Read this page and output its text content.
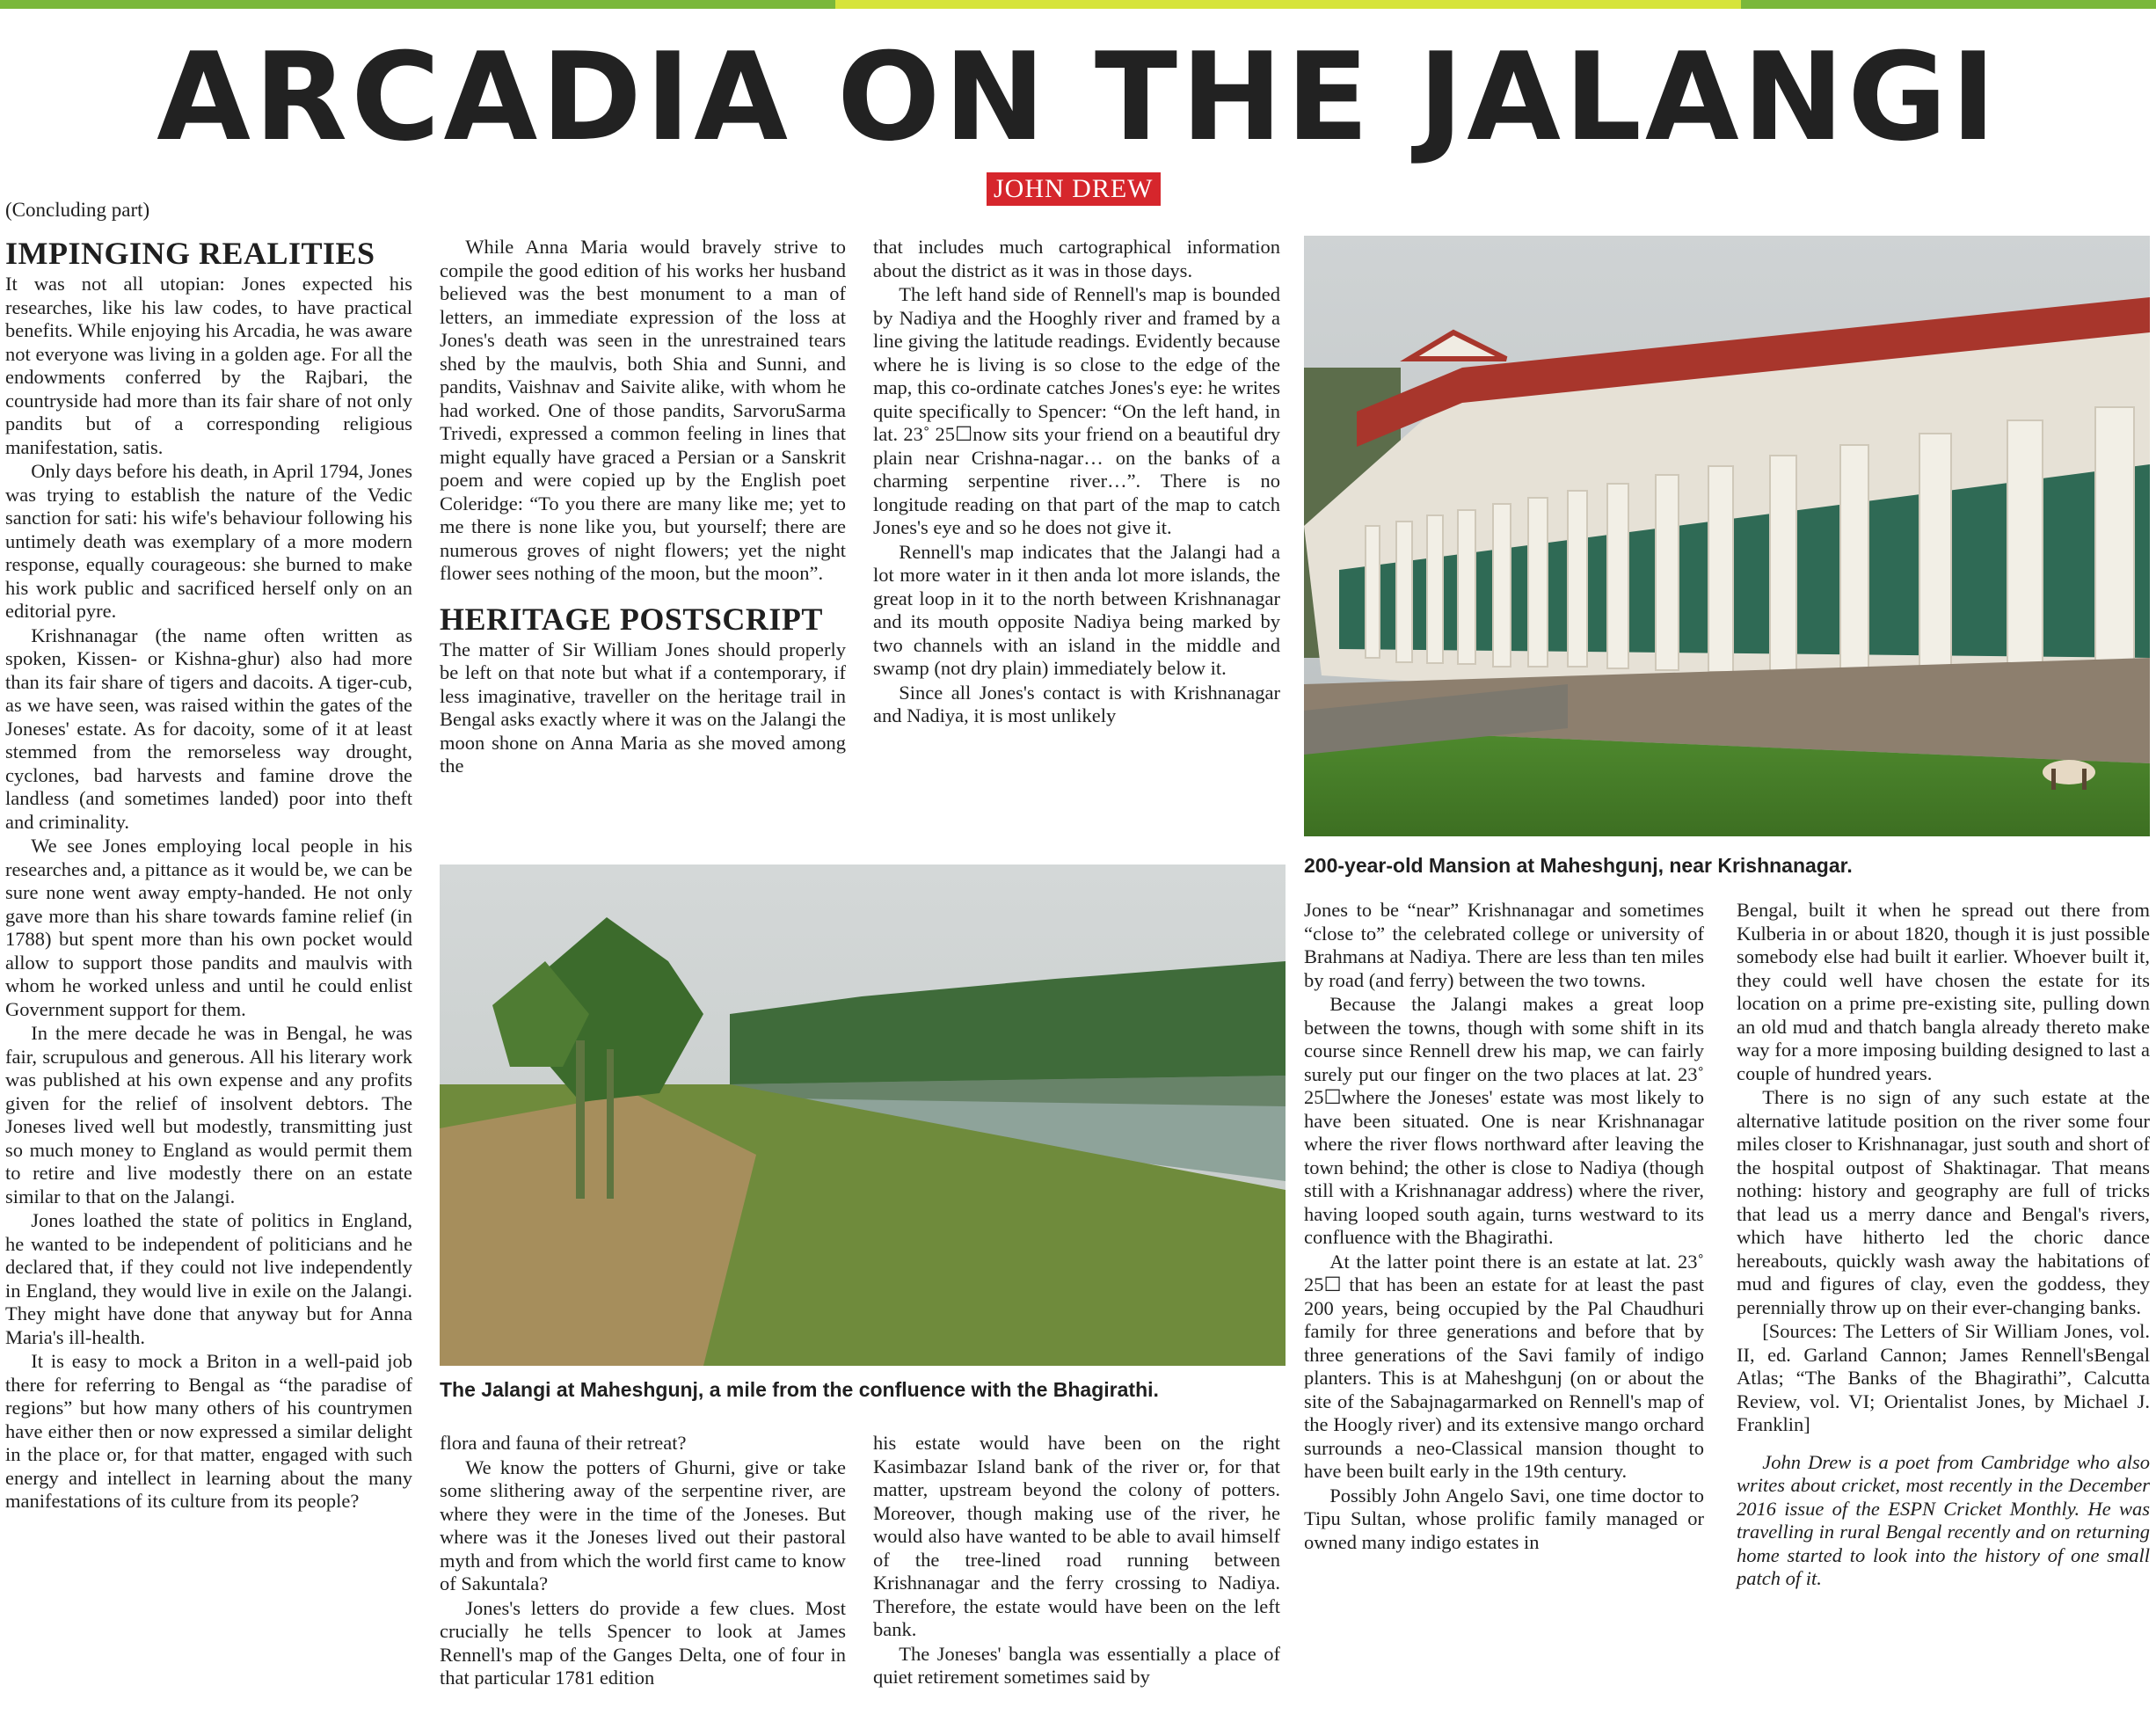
ARCADIA ON THE JALANGI
JOHN DREW
(Concluding part)
IMPINGING REALITIES

It was not all utopian: Jones expected his researches, like his law codes, to have practical benefits. While enjoying his Arcadia, he was aware not everyone was living in a golden age. For all the endowments conferred by the Rajbari, the countryside had more than its fair share of not only pandits but of a corresponding religious manifestation, satis.

Only days before his death, in April 1794, Jones was trying to establish the nature of the Vedic sanction for sati: his wife's behaviour following his untimely death was exemplary of a more modern response, equally courageous: she burned to make his work public and sacrificed herself only on an editorial pyre.

Krishnanagar (the name often written as spoken, Kissen- or Kishna-ghur) also had more than its fair share of tigers and dacoits. A tiger-cub, as we have seen, was raised within the gates of the Joneses' estate. As for dacoity, some of it at least stemmed from the remorseless way drought, cyclones, bad harvests and famine drove the landless (and sometimes landed) poor into theft and criminality.

We see Jones employing local people in his researches and, a pittance as it would be, we can be sure none went away empty-handed. He not only gave more than his share towards famine relief (in 1788) but spent more than his own pocket would allow to support those pandits and maulvis with whom he worked unless and until he could enlist Government support for them.

In the mere decade he was in Bengal, he was fair, scrupulous and generous. All his literary work was published at his own expense and any profits given for the relief of insolvent debtors. The Joneses lived well but modestly, transmitting just so much money to England as would permit them to retire and live modestly there on an estate similar to that on the Jalangi.

Jones loathed the state of politics in England, he wanted to be independent of politicians and he declared that, if they could not live independently in England, they would live in exile on the Jalangi. They might have done that anyway but for Anna Maria's ill-health.

It is easy to mock a Briton in a well-paid job there for referring to Bengal as “the paradise of regions” but how many others of his countrymen have either then or now expressed a similar delight in the place or, for that matter, engaged with such energy and intellect in learning about the many manifestations of its culture from its people?

While Anna Maria would bravely strive to compile the good edition of his works her husband believed was the best monument to a man of letters, an immediate expression of the loss at Jones's death was seen in the unrestrained tears shed by the maulvis, both Shia and Sunni, and pandits, Vaishnav and Saivite alike, with whom he had worked. One of those pandits, SarvoruSarma Trivedi, expressed a common feeling in lines that might equally have graced a Persian or a Sanskrit poem and were copied up by the English poet Coleridge: “To you there are many like me; yet to me there is none like you, but yourself; there are numerous groves of night flowers; yet the night flower sees nothing of the moon, but the moon”.

HERITAGE POSTSCRIPT

The matter of Sir William Jones should properly be left on that note but what if a contemporary, if less imaginative, traveller on the heritage trail in Bengal asks exactly where it was on the Jalangi the moon shone on Anna Maria as she moved among the

that includes much cartographical information about the district as it was in those days.

The left hand side of Rennell's map is bounded by Nadiya and the Hooghly river and framed by a line giving the latitude readings. Evidently because where he is living is so close to the edge of the map, this co-ordinate catches Jones's eye: he writes quite specifically to Spencer: “On the left hand, in lat. 23˚ 25☐now sits your friend on a beautiful dry plain near Crishna-nagar… on the banks of a charming serpentine river…”. There is no longitude reading on that part of the map to catch Jones's eye and so he does not give it.

Rennell's map indicates that the Jalangi had a lot more water in it then anda lot more islands, the great loop in it to the north between Krishnanagar and its mouth opposite Nadiya being marked by two channels with an island in the middle and swamp (not dry plain) immediately below it.

Since all Jones's contact is with Krishnanagar and Nadiya, it is most unlikely

200-year-old Mansion at Maheshgunj, near Krishnanagar.
The Jalangi at Maheshgunj, a mile from the confluence with the Bhagirathi.

flora and fauna of their retreat?

We know the potters of Ghurni, give or take some slithering away of the serpentine river, are where they were in the time of the Joneses. But where was it the Joneses lived out their pastoral myth and from which the world first came to know of Sakuntala?

Jones's letters do provide a few clues. Most crucially he tells Spencer to look at James Rennell's map of the Ganges Delta, one of four in that particular 1781 edition

his estate would have been on the right Kasimbazar Island bank of the river or, for that matter, upstream beyond the colony of potters. Moreover, though making use of the river, he would also have wanted to be able to avail himself of the tree-lined road running between Krishnanagar and the ferry crossing to Nadiya. Therefore, the estate would have been on the left bank.

The Joneses' bangla was essentially a place of quiet retirement sometimes said by

Jones to be “near” Krishnanagar and sometimes “close to” the celebrated college or university of Brahmans at Nadiya. There are less than ten miles by road (and ferry) between the two towns.

Because the Jalangi makes a great loop between the towns, though with some shift in its course since Rennell drew his map, we can fairly surely put our finger on the two places at lat. 23˚ 25☐where the Joneses' estate was most likely to have been situated. One is near Krishnanagar where the river flows northward after leaving the town behind; the other is close to Nadiya (though still with a Krishnanagar address) where the river, having looped south again, turns westward to its confluence with the Bhagirathi.

At the latter point there is an estate at lat. 23˚ 25☐ that has been an estate for at least the past 200 years, being occupied by the Pal Chaudhuri family for three generations and before that by three generations of the Savi family of indigo planters. This is at Maheshgunj (on or about the site of the Sabajnagarmarked on Rennell's map of the Hoogly river) and its extensive mango orchard surrounds a neo-Classical mansion thought to have been built early in the 19th century.

Possibly John Angelo Savi, one time doctor to Tipu Sultan, whose prolific family managed or owned many indigo estates in

Bengal, built it when he spread out there from Kulberia in or about 1820, though it is just possible somebody else had built it earlier. Whoever built it, they could well have chosen the estate for its location on a prime pre-existing site, pulling down an old mud and thatch bangla already thereto make way for a more imposing building designed to last a couple of hundred years.

There is no sign of any such estate at the alternative latitude position on the river some four miles closer to Krishnanagar, just south and short of the hospital outpost of Shaktinagar. That means nothing: history and geography are full of tricks that lead us a merry dance and Bengal's rivers, which have hitherto led the choric dance hereabouts, quickly wash away the habitations of mud and figures of clay, even the goddess, they perennially throw up on their ever-changing banks.

[Sources: The Letters of Sir William Jones, vol. II, ed. Garland Cannon; James Rennell'sBengal Atlas; “The Banks of the Bhagirathi”, Calcutta Review, vol. VI; Orientalist Jones, by Michael J. Franklin]

John Drew is a poet from Cambridge who also writes about cricket, most recently in the December 2016 issue of the ESPN Cricket Monthly. He was travelling in rural Bengal recently and on returning home started to look into the history of one small patch of it.
